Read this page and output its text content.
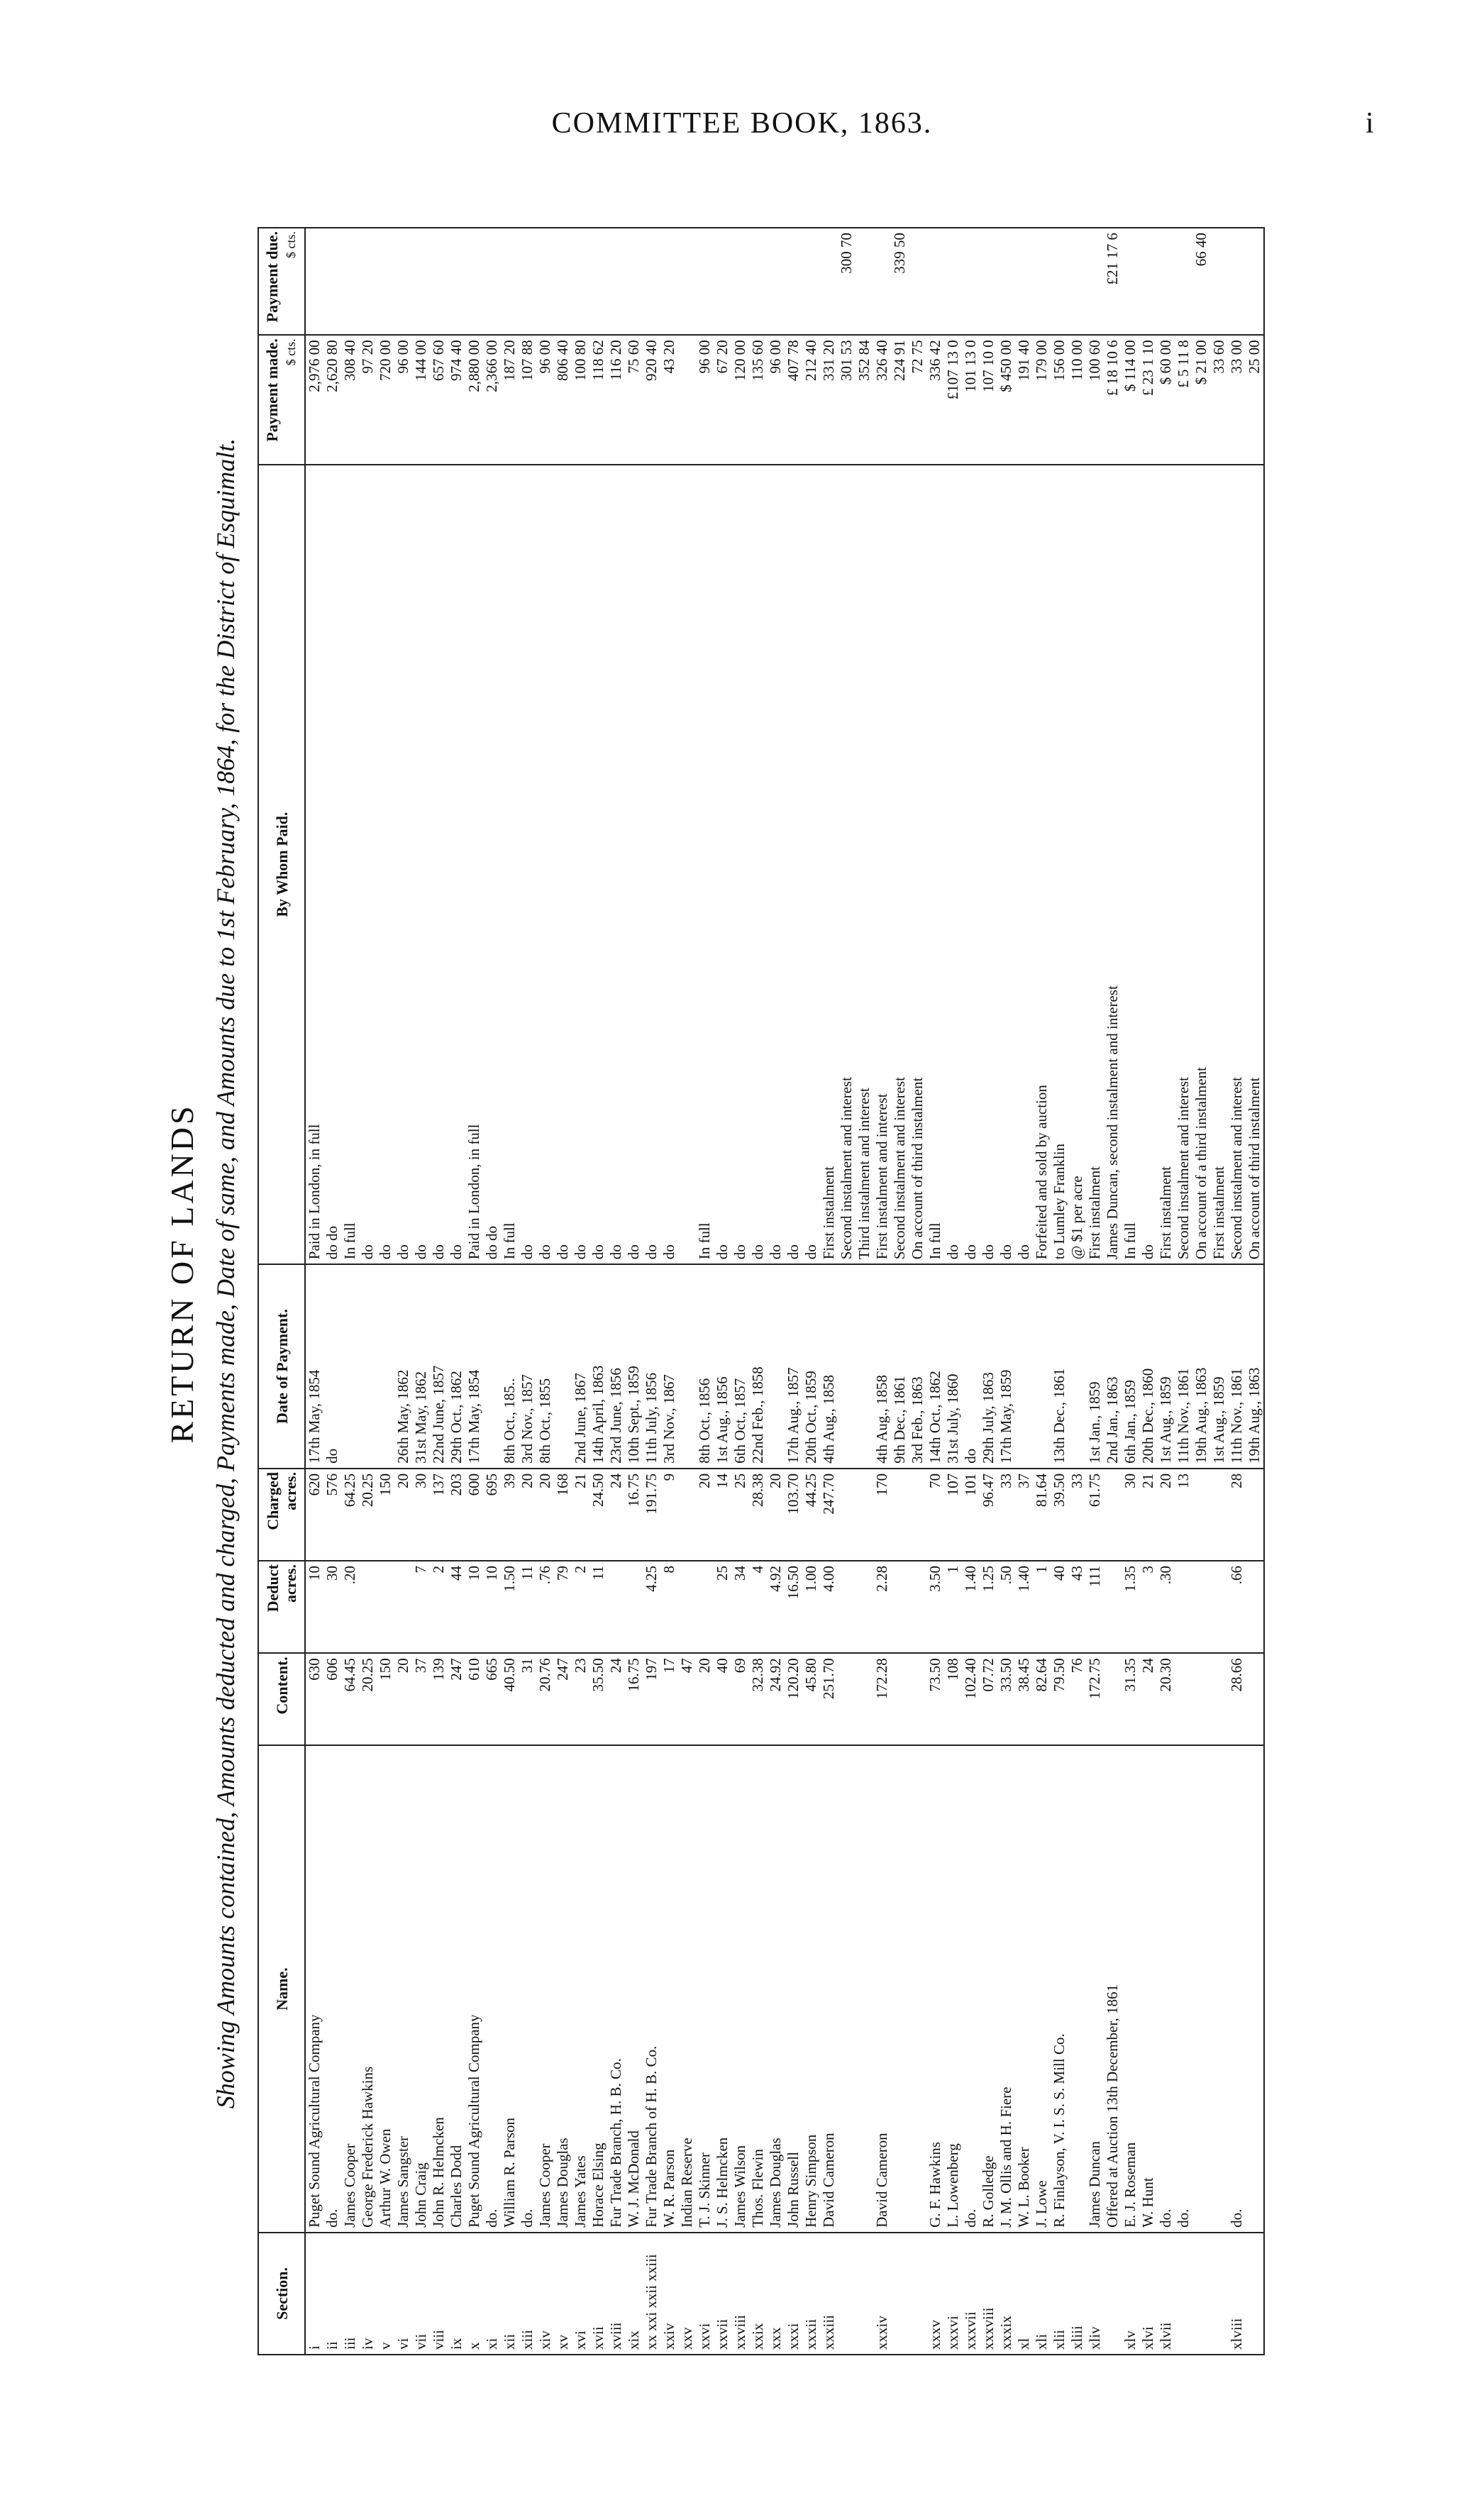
COMMITTEE BOOK, 1863.	i
RETURN OF LANDS Showing Amounts contained, Amounts deducted and charged, Payments made, Date of same, and Amounts due to 1st February, 1864, for the District of Esquimalt.
Section.	Name.	Content.	Deduct acres.	Charged acres.	Date of Payment.	By Whom Paid.	Payment made. $ cts.	Payment due. $ cts.
i	Puget Sound Agricultural Company	630	10	620	17th May, 1854	Paid in London, in full	2,976 00	
ii	do.	606	30	576	do	do do	2,620 80	
iii	James Cooper	64.45	.20	64.25		In full	308 40	
iv	George Frederick Hawkins	20.25		20.25		do	97 20	
v	Arthur W. Owen	150		150		do	720 00	
vi	James Sangster	20		20	26th May, 1862	do	96 00	
vii	John Craig	37	7	30	31st May, 1862	do	144 00	
viii	John R. Helmcken	139	2	137	22nd June, 1857	do	657 60	
ix	Charles Dodd	247	44	203	29th Oct., 1862	do	974 40	
x	Puget Sound Agricultural Company	610	10	600	17th May, 1854	Paid in London, in full	2,880 00	
xi	do.	665	10	695		do do	2,366 00	
xii	William R. Parson	40.50	1.50	39	8th Oct., 185..	In full	187 20	
xiii	do.	31	11	20	3rd Nov., 1857	do	107 88	
xiv	James Cooper	20.76	.76	20	8th Oct., 1855	do	96 00	
xv	James Douglas	247	79	168		do	806 40	
xvi	James Yates	23	2	21	2nd June, 1867	do	100 80	
xvii	Horace Elsing	35.50	11	24.50	14th April, 1863	do	118 62	
xviii	Fur Trade Branch, H. B. Co.	24		24	23rd June, 1856	do	116 20	
xix	W. J. McDonald	16.75		16.75	10th Sept., 1859	do	75 60	
xx xxi xxii xxiii	Fur Trade Branch of H. B. Co.	197	4.25	191.75	11th July, 1856	do	920 40	
xxiv	W. R. Parson	17	8	9	3rd Nov., 1867	do	43 20	
xxv	Indian Reserve	47						
xxvi	T. J. Skinner	20		20	8th Oct., 1856	In full	96 00	
xxvii	J. S. Helmcken	40	25	14	1st Aug., 1856	do	67 20	
xxviii	James Wilson	69	34	25	6th Oct., 1857	do	120 00	
xxix	Thos. Flewin	32.38	4	28.38	22nd Feb., 1858	do	135 60	
xxx	James Douglas	24.92	4.92	20		do	96 00	
xxxi	John Russell	120.20	16.50	103.70	17th Aug., 1857	do	407 78	
xxxii	Henry Simpson	45.80	1.00	44.25	20th Oct., 1859	do	212 40	
xxxiii	David Cameron	251.70	4.00	247.70	4th Aug., 1858	First instalment	331 20	
						Second instalment and interest	301 53	300 70
						Third instalment and interest	352 84	
xxxiv	David Cameron	172.28	2.28	170	4th Aug., 1858	First instalment and interest	326 40	
					9th Dec., 1861	Second instalment and interest	224 91	339 50
					3rd Feb., 1863	On account of third instalment	72 75	
xxxv	G. F. Hawkins	73.50	3.50	70	14th Oct., 1862	In full	336 42	
xxxvi	L. Lowenberg	108	1	107	31st July, 1860	do	£107 13 0	
xxxvii	do.	102.40	1.40	101	do	do	101 13 0	
xxxviii	R. Golledge	07.72	1.25	96.47	29th July, 1863	do	107 10 0	
xxxix	J. M. Ollis and H. Fiere	33.50	.50	33	17th May, 1859	do	$ 450 00	
xl	W. L. Booker	38.45	1.40	37		do	191 40	
xli	J. Lowe	82.64	1	81.64		Forfeited and sold by auction	179 00	
xlii	R. Finlayson, V. I. S. S. Mill Co.	79.50	40	39.50	13th Dec., 1861	to Lumley Franklin	156 00	
xliii		76	43	33		@ $1 per acre	110 00	
xliv	James Duncan	172.75	111	61.75	1st Jan., 1859	First instalment	100 60	
	Offered at Auction 13th December, 1861				2nd Jan., 1863	James Duncan, second instalment and interest	£ 18 10 6	£21 17 6
xlv	E. J. Roseman	31.35	1.35	30	6th Jan., 1859	In full	$ 114 00	
xlvi	W. Hunt	24	3	21	20th Dec., 1860	do	£ 23 1 10	
xlvii	do.	20.30	.30	20	1st Aug., 1859	First instalment	$ 60 00	
	do.			13	11th Nov., 1861	Second instalment and interest	£ 5 11 8	
					19th Aug., 1863	On account of a third instalment	$ 21 00	66 40
					1st Aug., 1859	First instalment	33 60	
xlviii	do.	28.66	.66	28	11th Nov., 1861	Second instalment and interest	33 00	
					19th Aug., 1863	On account of third instalment	25 00	
